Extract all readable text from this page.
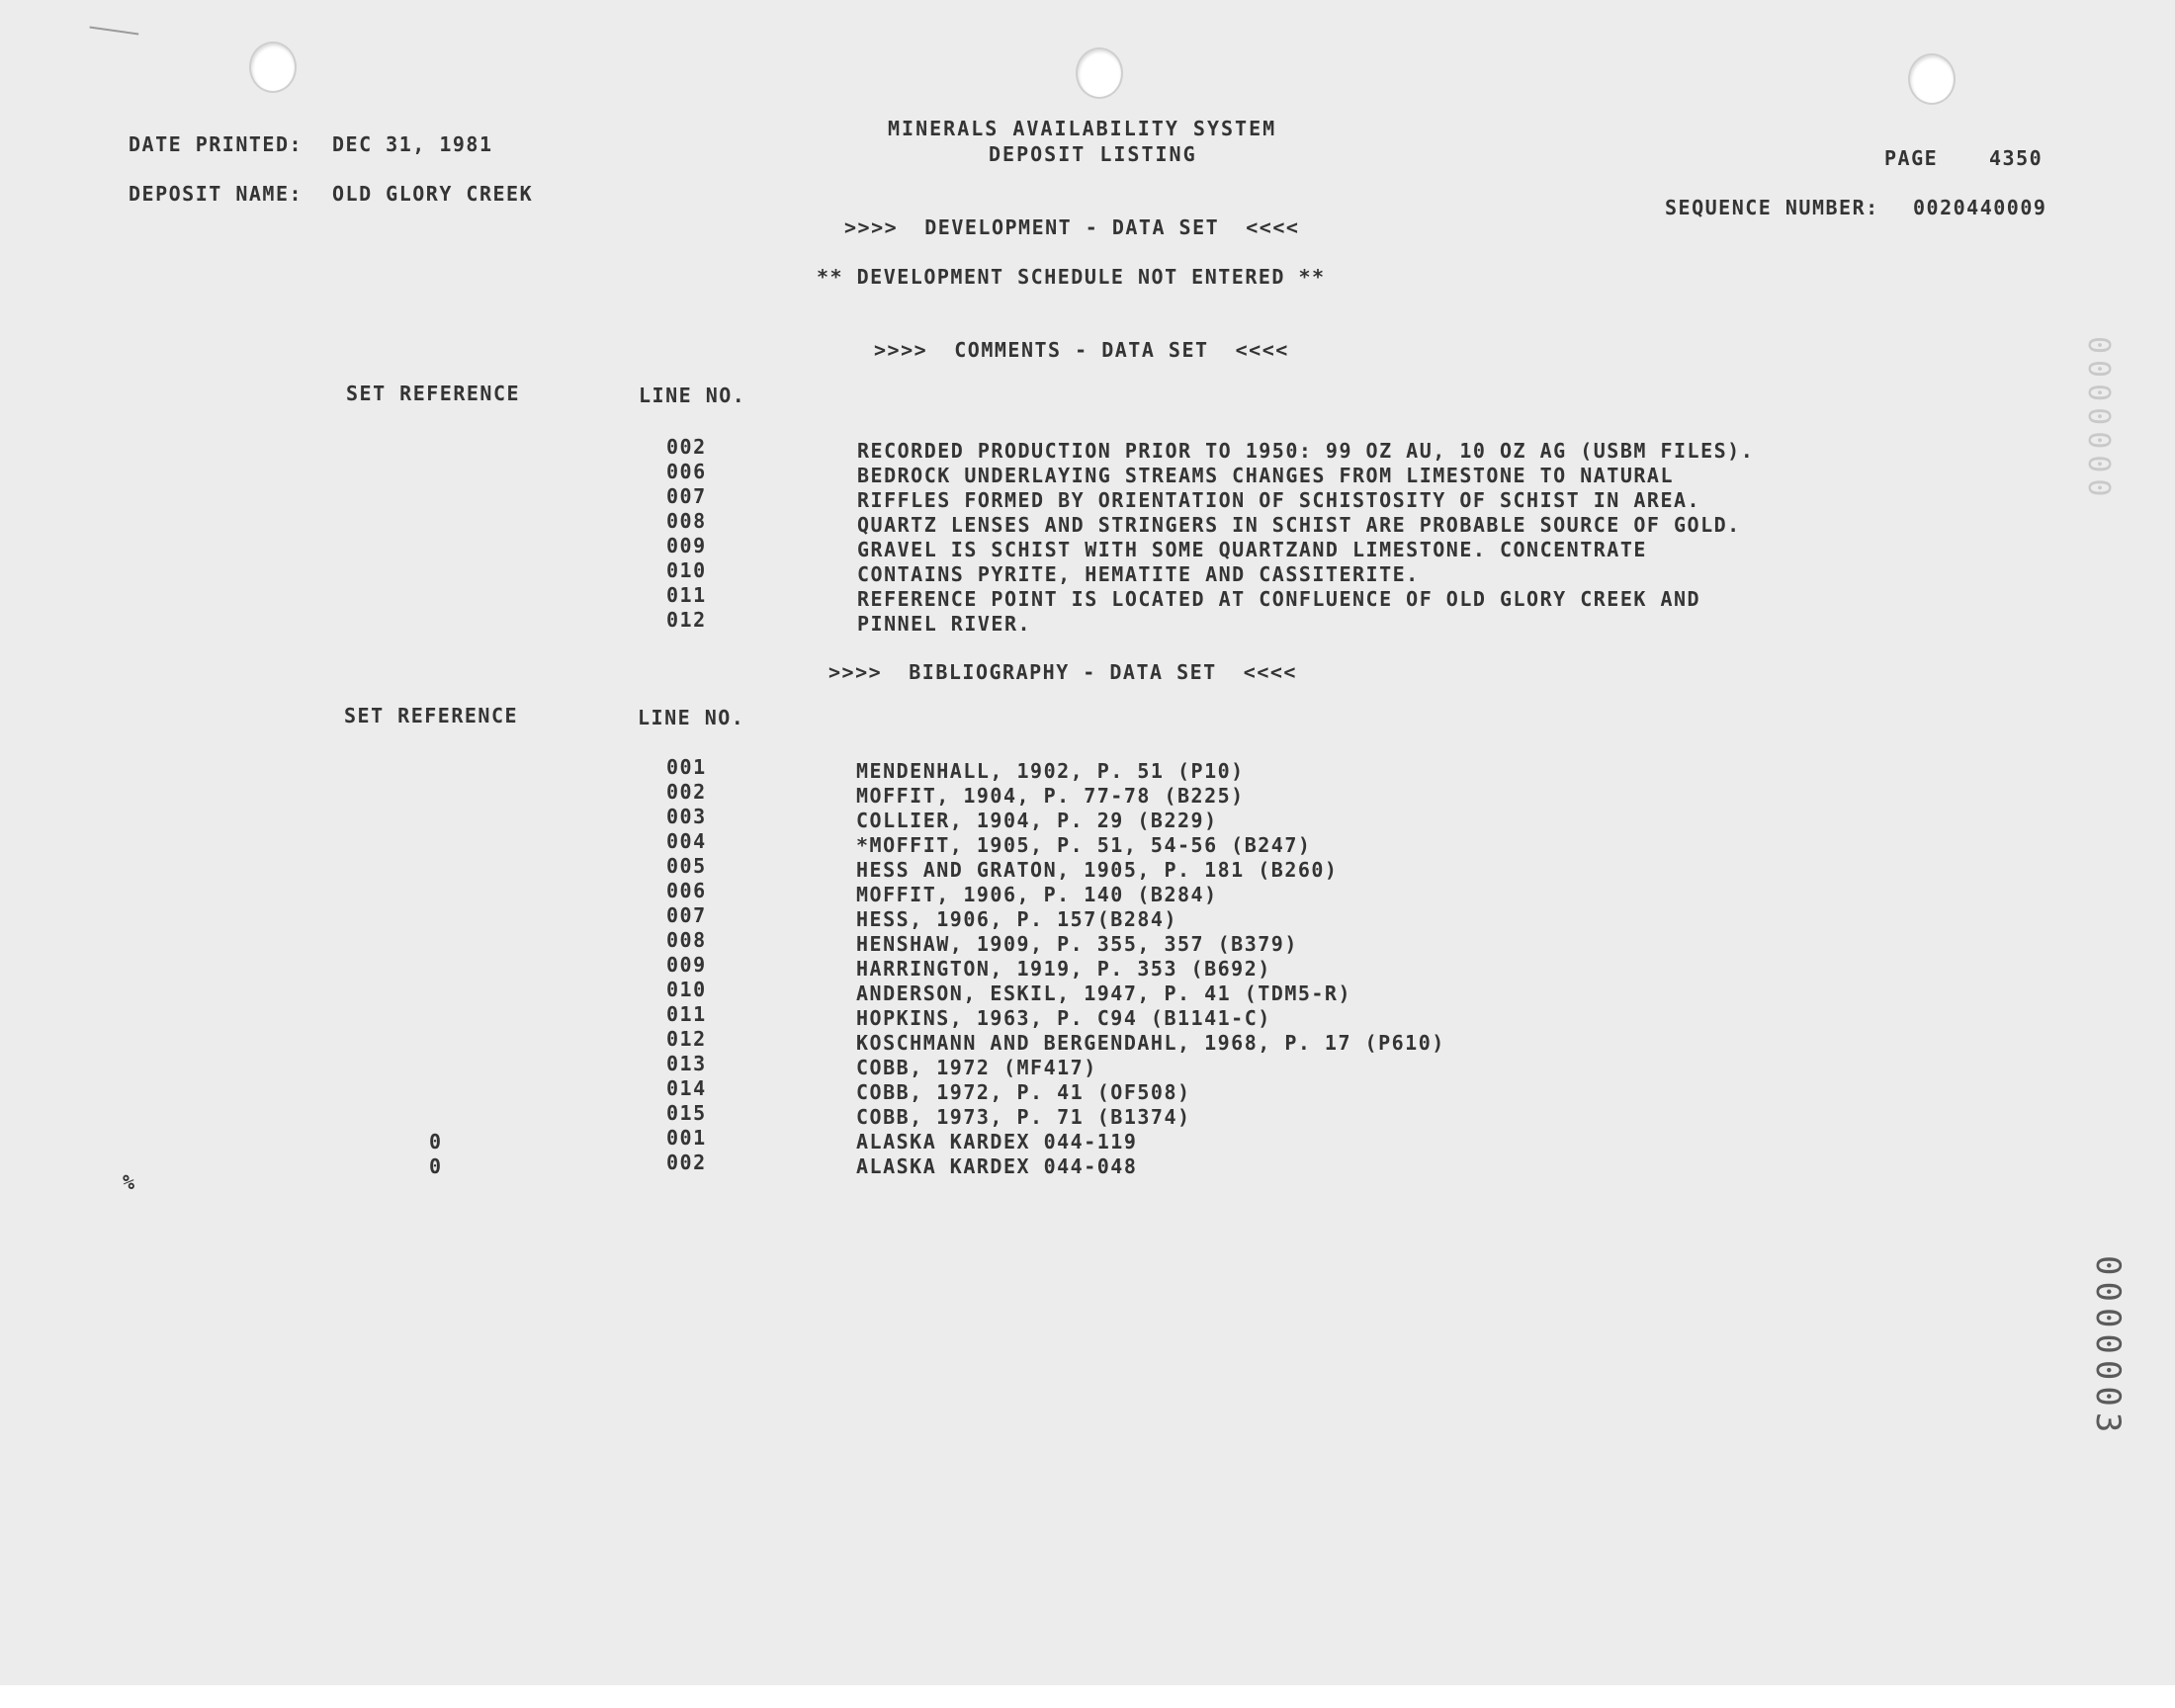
MINERALS AVAILABILITY SYSTEM
DEPOSIT LISTING
DATE PRINTED: DEC 31, 1981
DEPOSIT NAME: OLD GLORY CREEK
PAGE	4350
SEQUENCE NUMBER: 0020440009
>>>>  DEVELOPMENT - DATA SET  <<<<
** DEVELOPMENT SCHEDULE NOT ENTERED **
>>>>  COMMENTS - DATA SET  <<<<
SET REFERENCE	LINE NO.
002	RECORDED PRODUCTION PRIOR TO 1950: 99 OZ AU, 10 OZ AG (USBM FILES).
006	BEDROCK UNDERLAYING STREAMS CHANGES FROM LIMESTONE TO NATURAL
007	RIFFLES FORMED BY ORIENTATION OF SCHISTOSITY OF SCHIST IN AREA.
008	QUARTZ LENSES AND STRINGERS IN SCHIST ARE PROBABLE SOURCE OF GOLD.
009	GRAVEL IS SCHIST WITH SOME QUARTZAND LIMESTONE. CONCENTRATE
010	CONTAINS PYRITE, HEMATITE AND CASSITERITE.
011	REFERENCE POINT IS LOCATED AT CONFLUENCE OF OLD GLORY CREEK AND
012	PINNEL RIVER.
>>>>  BIBLIOGRAPHY - DATA SET  <<<<
SET REFERENCE	LINE NO.
001	MENDENHALL, 1902, P. 51 (P10)
002	MOFFIT, 1904, P. 77-78 (B225)
003	COLLIER, 1904, P. 29 (B229)
004	*MOFFIT, 1905, P. 51, 54-56 (B247)
005	HESS AND GRATON, 1905, P. 181 (B260)
006	MOFFIT, 1906, P. 140 (B284)
007	HESS, 1906, P. 157(B284)
008	HENSHAW, 1909, P. 355, 357 (B379)
009	HARRINGTON, 1919, P. 353 (B692)
010	ANDERSON, ESKIL, 1947, P. 41 (TDM5-R)
011	HOPKINS, 1963, P. C94 (B1141-C)
012	KOSCHMANN AND BERGENDAHL, 1968, P. 17 (P610)
013	COBB, 1972 (MF417)
014	COBB, 1972, P. 41 (OF508)
015	COBB, 1973, P. 71 (B1374)
0	001	ALASKA KARDEX 044-119
0	002	ALASKA KARDEX 044-048
%
0000003
0000000
